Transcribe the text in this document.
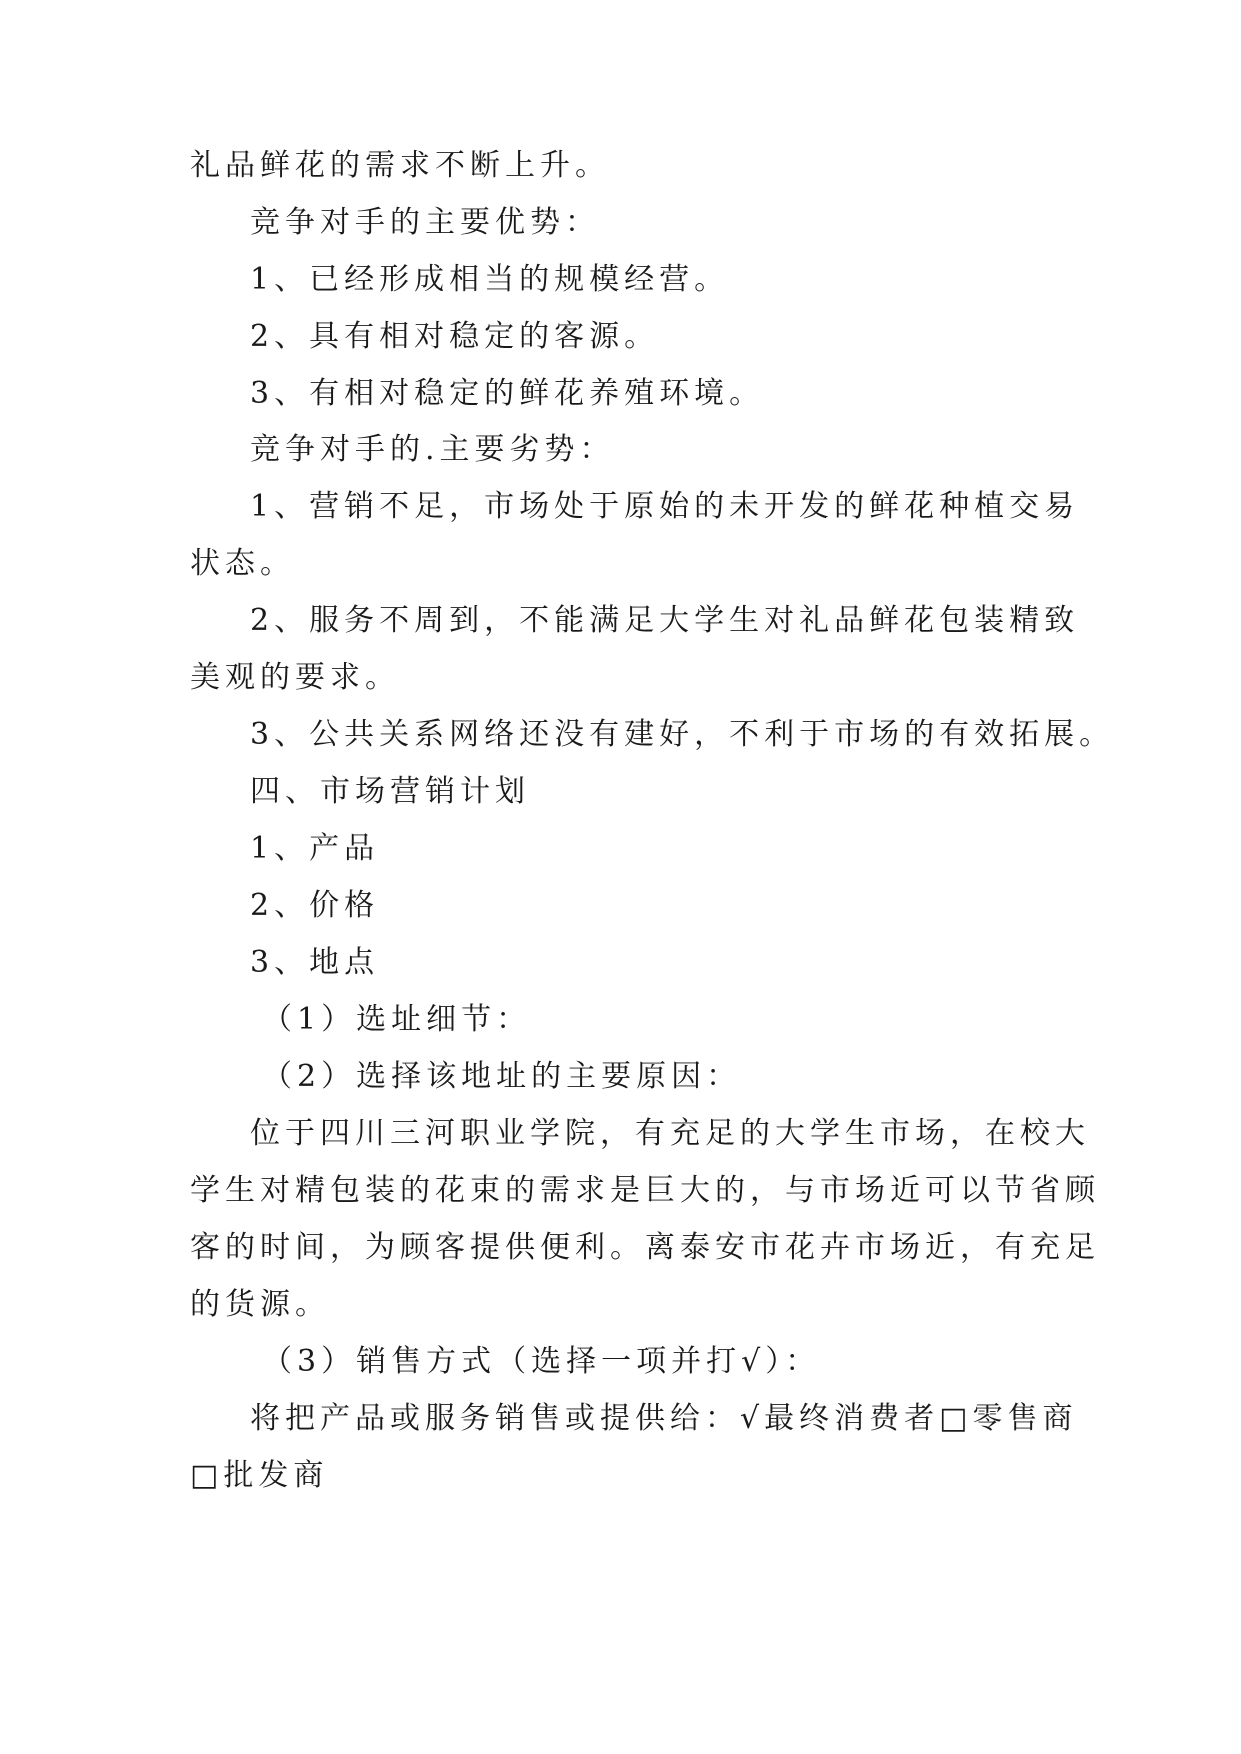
礼品鲜花的需求不断上升。
竞争对手的主要优势：
1、已经形成相当的规模经营。
2、具有相对稳定的客源。
3、有相对稳定的鲜花养殖环境。
竞争对手的.主要劣势：
1、营销不足，市场处于原始的未开发的鲜花种植交易
状态。
2、服务不周到，不能满足大学生对礼品鲜花包装精致
美观的要求。
3、公共关系网络还没有建好，不利于市场的有效拓展。
四、市场营销计划
1、产品
2、价格
3、地点
（1）选址细节：
（2）选择该地址的主要原因：
位于四川三河职业学院，有充足的大学生市场，在校大
学生对精包装的花束的需求是巨大的，与市场近可以节省顾
客的时间，为顾客提供便利。离泰安市花卉市场近，有充足
的货源。
（3）销售方式（选择一项并打√）：
将把产品或服务销售或提供给：√最终消费者□零售商
□批发商
